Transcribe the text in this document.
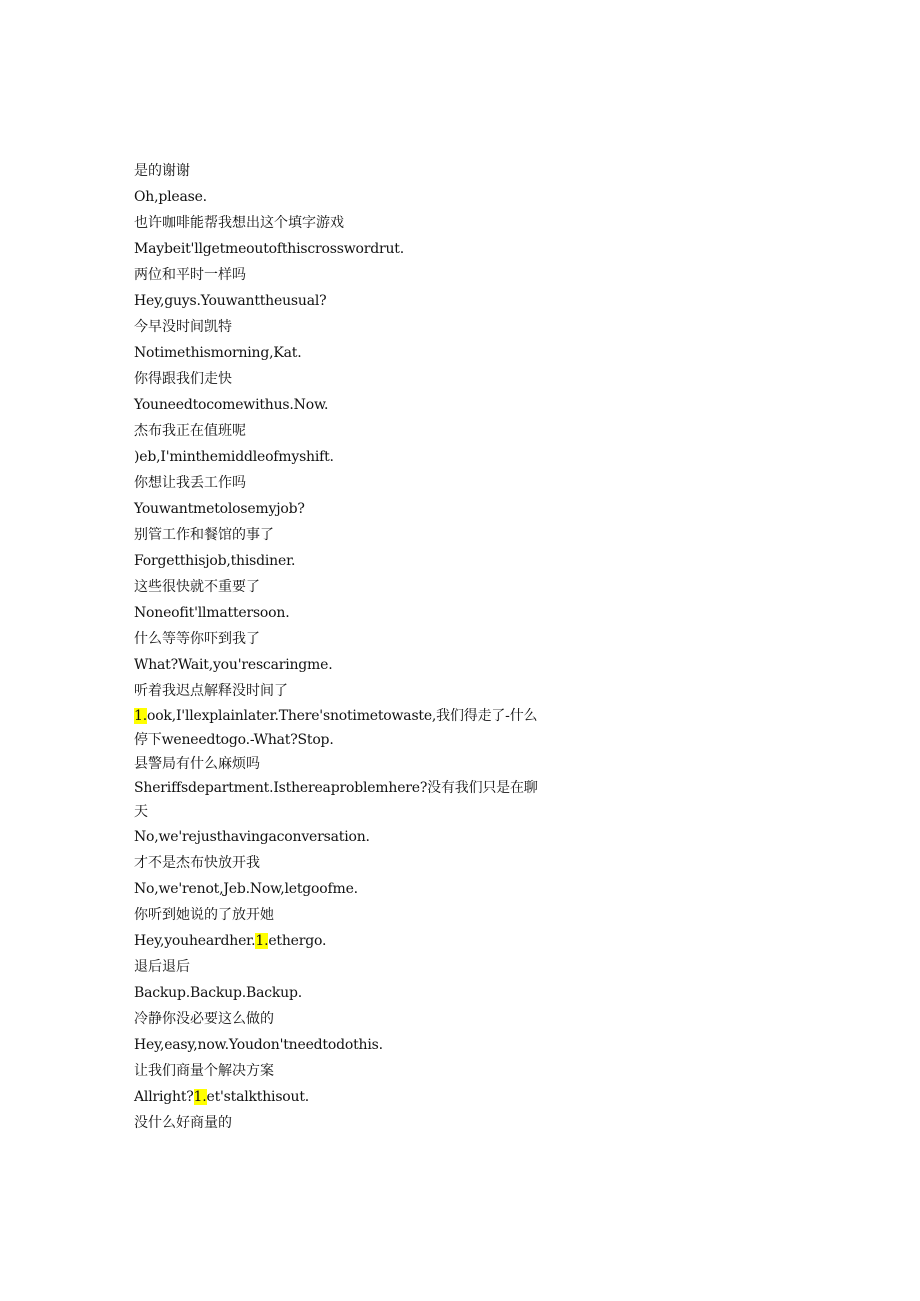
是的谢谢
Oh,please.
也许咖啡能帮我想出这个填字游戏
Maybeit'llgetmeoutofthiscrosswordrut.
两位和平时一样吗
Hey,guys.Youwanttheusual?
今早没时间凯特
Notimethismorning,Kat.
你得跟我们走快
Youneedtocomewithus.Now.
杰布我正在值班呢
)eb,I'minthemiddleofmyshift.
你想让我丢工作吗
Youwantmetolosemyjob?
别管工作和餐馆的事了
Forgetthisjob,thisdiner.
这些很快就不重要了
Noneofit'llmattersoon.
什么等等你吓到我了
What?Wait,you'rescaringme.
听着我迟点解释没时间了
1.ook,I'llexplainlater.There'snotimetowaste,我们得走了-什么
停下weneedtogo.-What?Stop.
县警局有什么麻烦吗
Sheriffsdepartment.Isthereaproblemhere?没有我们只是在聊
天
No,we'rejusthavingaconversation.
才不是杰布快放开我
No,we'renot,Jeb.Now,letgoofme.
你听到她说的了放开她
Hey,youheardher.1.ethergo.
退后退后
Backup.Backup.Backup.
冷静你没必要这么做的
Hey,easy,now.Youdon'tneedtodothis.
让我们商量个解决方案
Allright?1.et'stalkthisout.
没什么好商量的
